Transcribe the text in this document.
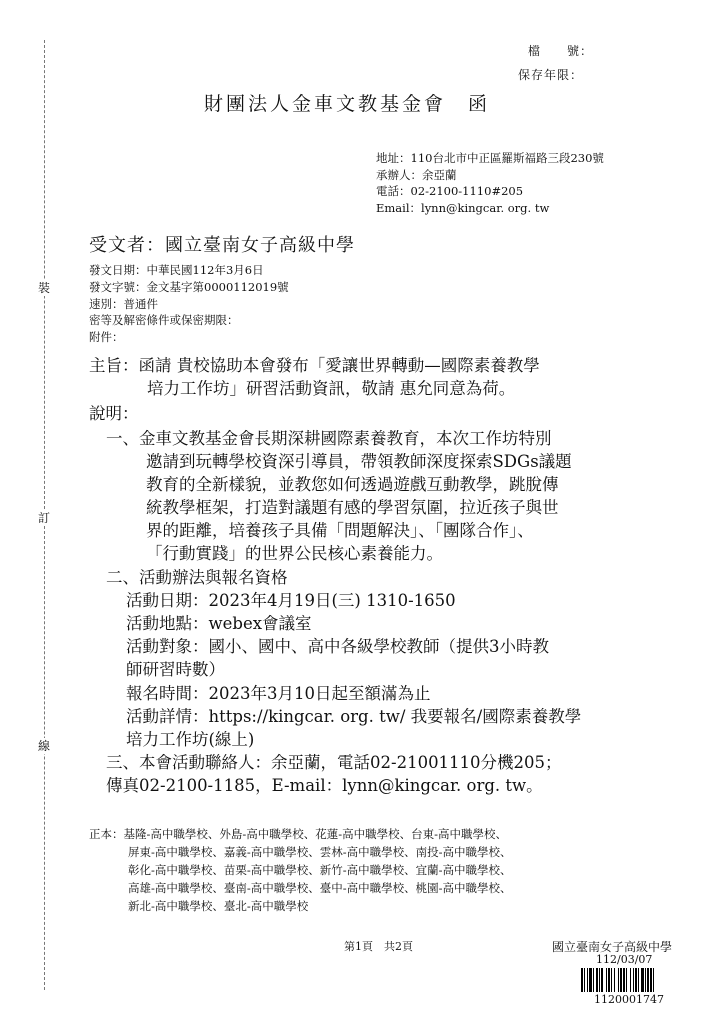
裝
訂
線
檔　　號：
保存年限：
財團法人金車文教基金會　函
地址：110台北市中正區羅斯福路三段230號
承辦人：余亞蘭
電話：02-2100-1110#205
Email：lynn@kingcar. org. tw
受文者：國立臺南女子高級中學
發文日期：中華民國112年3月6日
發文字號：金文基字第0000112019號
速別：普通件
密等及解密條件或保密期限：
附件：
主旨：函請 貴校協助本會發布「愛讓世界轉動—國際素養教學
培力工作坊」研習活動資訊，敬請 惠允同意為荷。
說明：
一、金車文教基金會長期深耕國際素養教育，本次工作坊特別
邀請到玩轉學校資深引導員，帶領教師深度探索SDGs議題
教育的全新樣貌，並教您如何透過遊戲互動教學，跳脫傳
統教學框架，打造對議題有感的學習氛圍，拉近孩子與世
界的距離，培養孩子具備「問題解決」、「團隊合作」、
「行動實踐」的世界公民核心素養能力。
二、活動辦法與報名資格
活動日期：2023年4月19日(三) 1310-1650
活動地點：webex會議室
活動對象：國小、國中、高中各級學校教師（提供3小時教
師研習時數）
報名時間：2023年3月10日起至額滿為止
活動詳情：https://kingcar. org. tw/ 我要報名/國際素養教學
培力工作坊(線上)
三、本會活動聯絡人：余亞蘭，電話02-21001110分機205；
傳真02-2100-1185，E-mail：lynn@kingcar. org. tw。
正本：基隆-高中職學校、外島-高中職學校、花蓮-高中職學校、台東-高中職學校、
屏東-高中職學校、嘉義-高中職學校、雲林-高中職學校、南投-高中職學校、
彰化-高中職學校、苗栗-高中職學校、新竹-高中職學校、宜蘭-高中職學校、
高雄-高中職學校、臺南-高中職學校、臺中-高中職學校、桃園-高中職學校、
新北-高中職學校、臺北-高中職學校
第1頁　共2頁	國立臺南女子高級中學
112/03/07
1120001747
